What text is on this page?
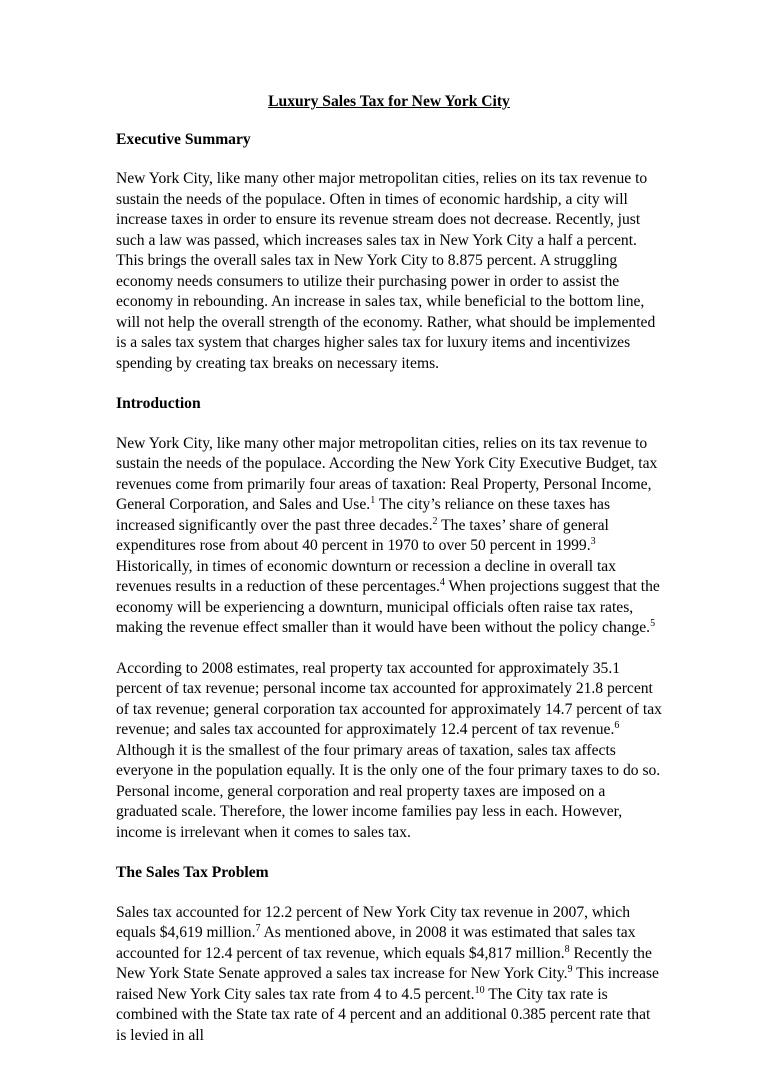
Luxury Sales Tax for New York City
Executive Summary

New York City, like many other major metropolitan cities, relies on its tax revenue to sustain the needs of the populace. Often in times of economic hardship, a city will increase taxes in order to ensure its revenue stream does not decrease. Recently, just such a law was passed, which increases sales tax in New York City a half a percent. This brings the overall sales tax in New York City to 8.875 percent. A struggling economy needs consumers to utilize their purchasing power in order to assist the economy in rebounding. An increase in sales tax, while beneficial to the bottom line, will not help the overall strength of the economy. Rather, what should be implemented is a sales tax system that charges higher sales tax for luxury items and incentivizes spending by creating tax breaks on necessary items.

Introduction

New York City, like many other major metropolitan cities, relies on its tax revenue to sustain the needs of the populace. According the New York City Executive Budget, tax revenues come from primarily four areas of taxation: Real Property, Personal Income, General Corporation, and Sales and Use.$^1$ The city’s reliance on these taxes has increased significantly over the past three decades.$^2$ The taxes’ share of general expenditures rose from about 40 percent in 1970 to over 50 percent in 1999.$^3$ Historically, in times of economic downturn or recession a decline in overall tax revenues results in a reduction of these percentages.$^4$ When projections suggest that the economy will be experiencing a downturn, municipal officials often raise tax rates, making the revenue effect smaller than it would have been without the policy change.$^5$

According to 2008 estimates, real property tax accounted for approximately 35.1 percent of tax revenue; personal income tax accounted for approximately 21.8 percent of tax revenue; general corporation tax accounted for approximately 14.7 percent of tax revenue; and sales tax accounted for approximately 12.4 percent of tax revenue.$^6$ Although it is the smallest of the four primary areas of taxation, sales tax affects everyone in the population equally. It is the only one of the four primary taxes to do so. Personal income, general corporation and real property taxes are imposed on a graduated scale. Therefore, the lower income families pay less in each. However, income is irrelevant when it comes to sales tax.

The Sales Tax Problem

Sales tax accounted for 12.2 percent of New York City tax revenue in 2007, which equals $4,619 million.$^7$ As mentioned above, in 2008 it was estimated that sales tax accounted for 12.4 percent of tax revenue, which equals $4,817 million.$^8$ Recently the New York State Senate approved a sales tax increase for New York City.$^9$ This increase raised New York City sales tax rate from 4 to 4.5 percent.$^{10}$ The City tax rate is combined with the State tax rate of 4 percent and an additional 0.385 percent rate that is levied in all
